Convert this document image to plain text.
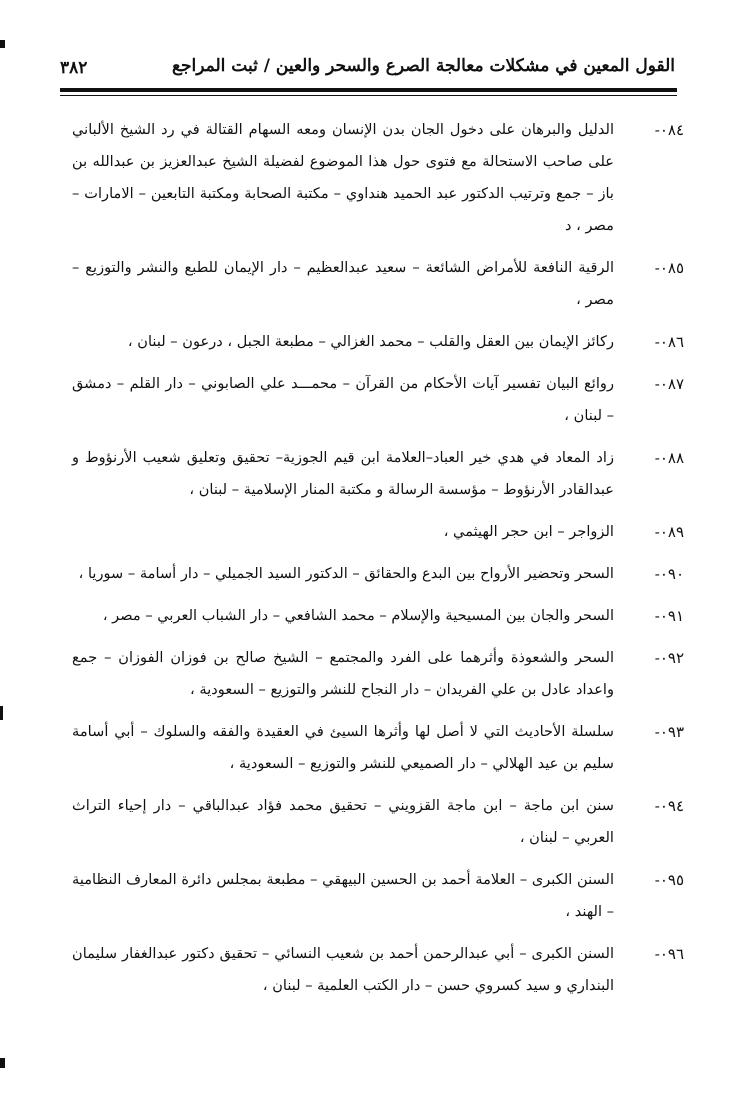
القول المعين في مشكلات معالجة الصرع والسحر والعين / ثبت المراجع
٣٨٢
٠٨٤-
الدليل والبرهان على دخول الجان بدن الإنسان ومعه السهام القتالة في رد الشيخ الألباني على صاحب الاستحالة مع فتوى حول هذا الموضوع لفضيلة الشيخ عبدالعزيز بن عبدالله بن باز – جمع وترتيب الدكتور عبد الحميد هنداوي – مكتبة الصحابة ومكتبة التابعين – الامارات – مصر ، د
٠٨٥-
الرقية النافعة للأمراض الشائعة – سعيد عبدالعظيم – دار الإيمان للطبع والنشر والتوزيع – مصر ،
٠٨٦-
ركائز الإيمان بين العقل والقلب – محمد الغزالي – مطبعة الجبل ، درعون – لبنان ،
٠٨٧-
روائع البيان تفسير آيات الأحكام من القرآن – محمـــد علي الصابوني – دار القلم – دمشق – لبنان ،
٠٨٨-
زاد المعاد في هدي خير العباد–العلامة ابن قيم الجوزية– تحقيق وتعليق شعيب الأرنؤوط و عبدالقادر الأرنؤوط – مؤسسة الرسالة و مكتبة المنار الإسلامية – لبنان ،
٠٨٩-
الزواجر – ابن حجر الهيثمي ،
٠٩٠-
السحر وتحضير الأرواح بين البدع والحقائق – الدكتور السيد الجميلي – دار أسامة – سوريا ،
٠٩١-
السحر والجان بين المسيحية والإسلام – محمد الشافعي – دار الشباب العربي – مصر ،
٠٩٢-
السحر والشعوذة وأثرهما على الفرد والمجتمع – الشيخ صالح بن فوزان الفوزان – جمع واعداد عادل بن علي الفريدان – دار النجاح للنشر والتوزيع – السعودية ،
٠٩٣-
سلسلة الأحاديث التي لا أصل لها وأثرها السيئ في العقيدة والفقه والسلوك – أبي أسامة سليم بن عيد الهلالي – دار الصميعي للنشر والتوزيع – السعودية ،
٠٩٤-
سنن ابن ماجة – ابن ماجة القزويني – تحقيق محمد فؤاد عبدالباقي – دار إحياء التراث العربي – لبنان ،
٠٩٥-
السنن الكبرى – العلامة أحمد بن الحسين البيهقي – مطبعة بمجلس دائرة المعارف النظامية – الهند ،
٠٩٦-
السنن الكبرى – أبي عبدالرحمن أحمد بن شعيب النسائي – تحقيق دكتور عبدالغفار سليمان البنداري و سيد كسروي حسن – دار الكتب العلمية – لبنان ،
